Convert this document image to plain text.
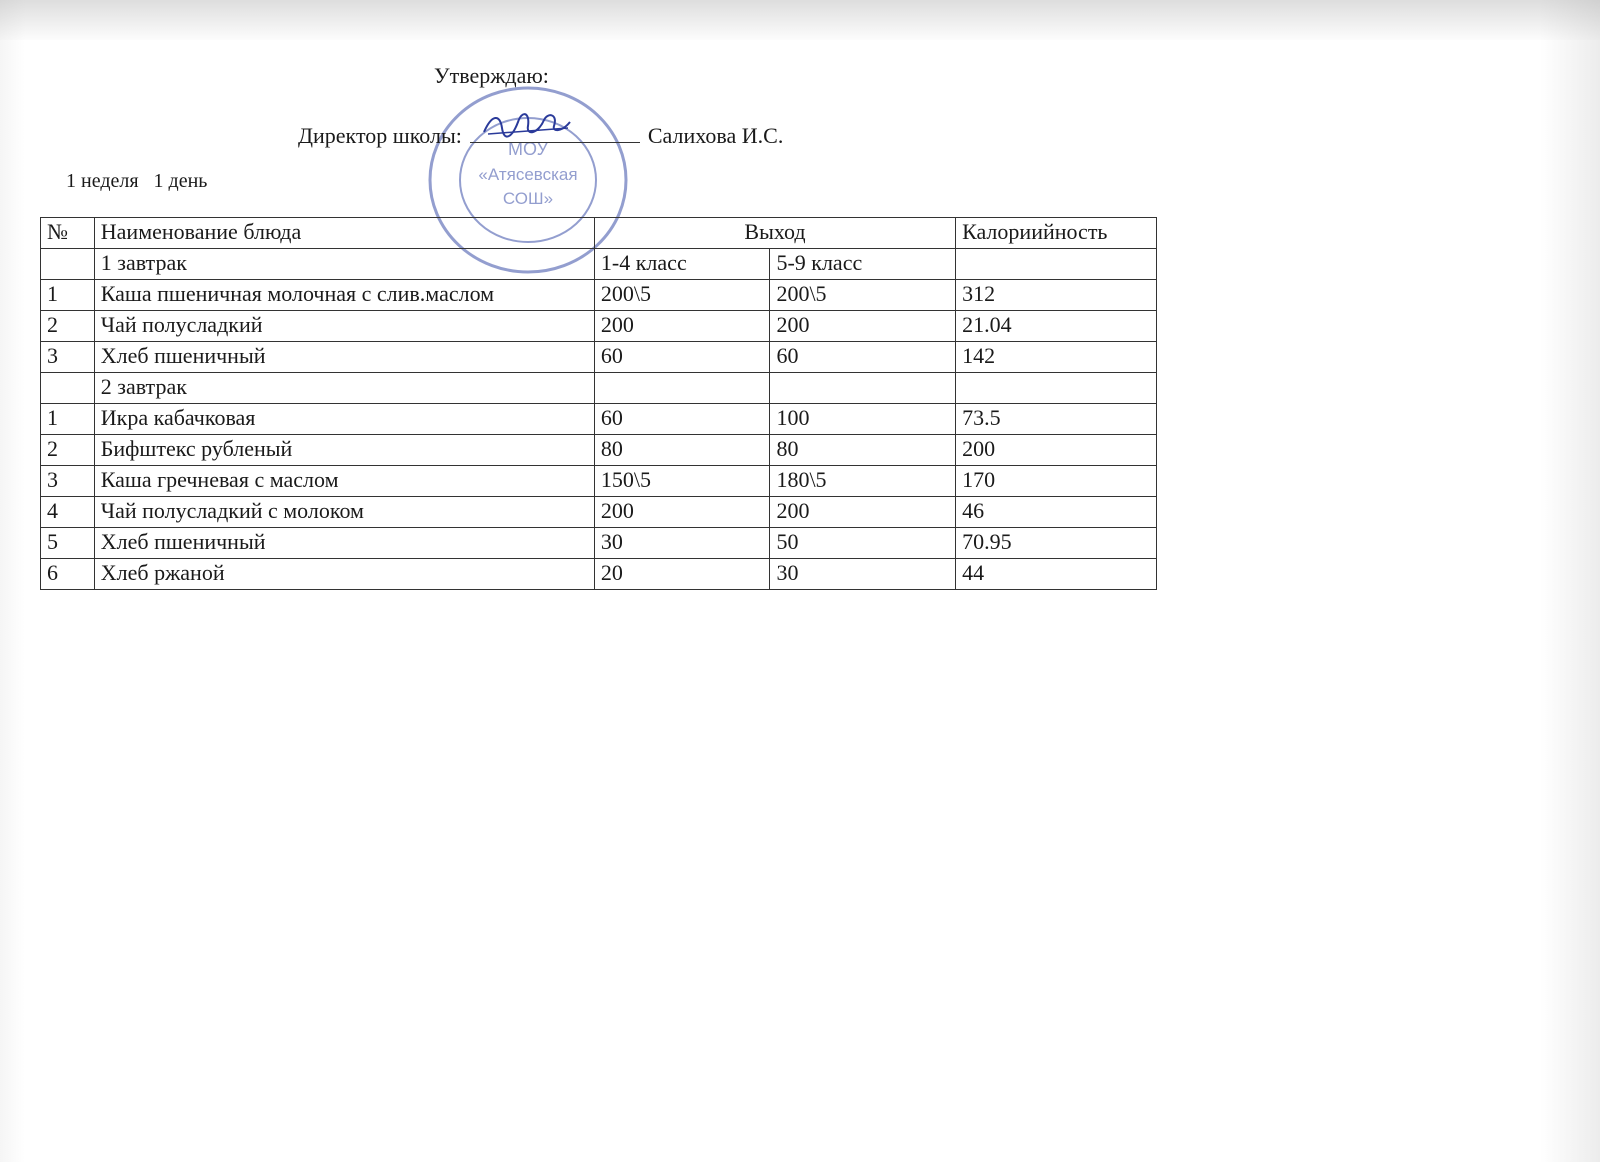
МОУ
«Атясевская
СОШ»
Утверждаю:
Директор школы:	Салихова И.С.
1 неделя   1 день
№	Наименование блюда	Выход		Калориийность
	1 завтрак	1-4 класс	5-9 класс	
1	Каша пшеничная молочная с слив.маслом	200\5	200\5	312
2	Чай полусладкий	200	200	21.04
3	Хлеб пшеничный	60	60	142
	2 завтрак			
1	Икра кабачковая	60	100	73.5
2	Бифштекс рубленый	80	80	200
3	Каша гречневая с маслом	150\5	180\5	170
4	Чай полусладкий с молоком	200	200	46
5	Хлеб пшеничный	30	50	70.95
6	Хлеб ржаной	20	30	44
